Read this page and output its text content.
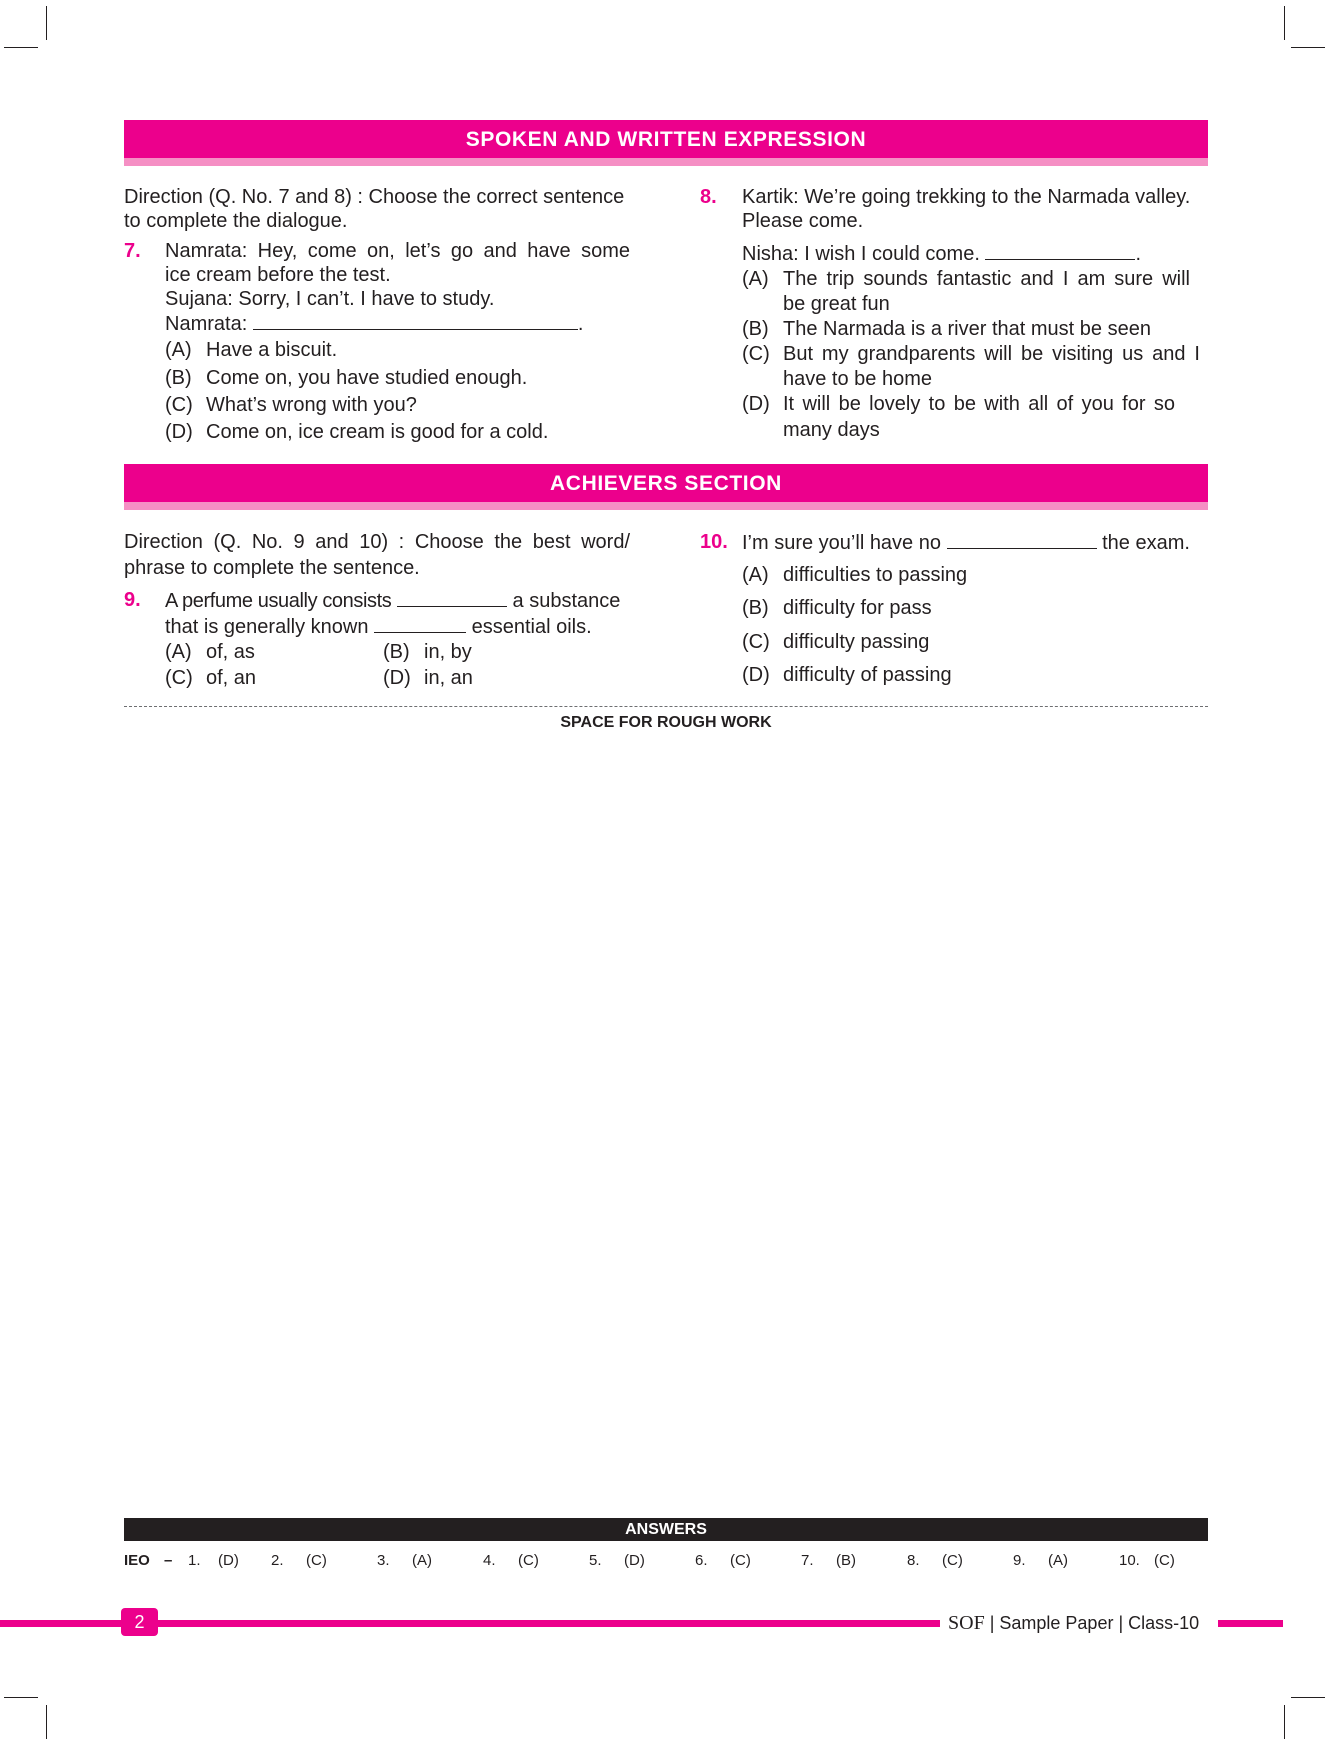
SPOKEN AND WRITTEN EXPRESSION
Direction (Q. No. 7 and 8) : Choose the correct sentence
to complete the dialogue.
7. Namrata: Hey, come on, let’s go and have some
ice cream before the test.
Sujana: Sorry, I can’t. I have to study.
Namrata:	.
(A) Have a biscuit.
(B) Come on, you have studied enough.
(C) What’s wrong with you?
(D) Come on, ice cream is good for a cold.
8. Kartik: We’re going trekking to the Narmada valley.
Please come.
Nisha: I wish I could come.	.
(A) The trip sounds fantastic and I am sure will
be great fun
(B) The Narmada is a river that must be seen
(C) But my grandparents will be visiting us and I
have to be home
(D) It will be lovely to be with all of you for so
many days
ACHIEVERS SECTION
Direction (Q. No. 9 and 10) : Choose the best word/
phrase to complete the sentence.
9. A perfume usually consists	a substance
that is generally known	essential oils.
(A) of, as	(B) in, by
(C) of, an	(D) in, an
10. I’m sure you’ll have no	the exam.
(A) difficulties to passing
(B) difficulty for pass
(C) difficulty passing
(D) difficulty of passing
SPACE FOR ROUGH WORK
ANSWERS
IEO – 1. (D) 2. (C)	3. (A)	4. (C)	5. (D)	6. (C)	7. (B)	8. (C)	9. (A)	10. (C)
2	SOF | Sample Paper | Class-10
